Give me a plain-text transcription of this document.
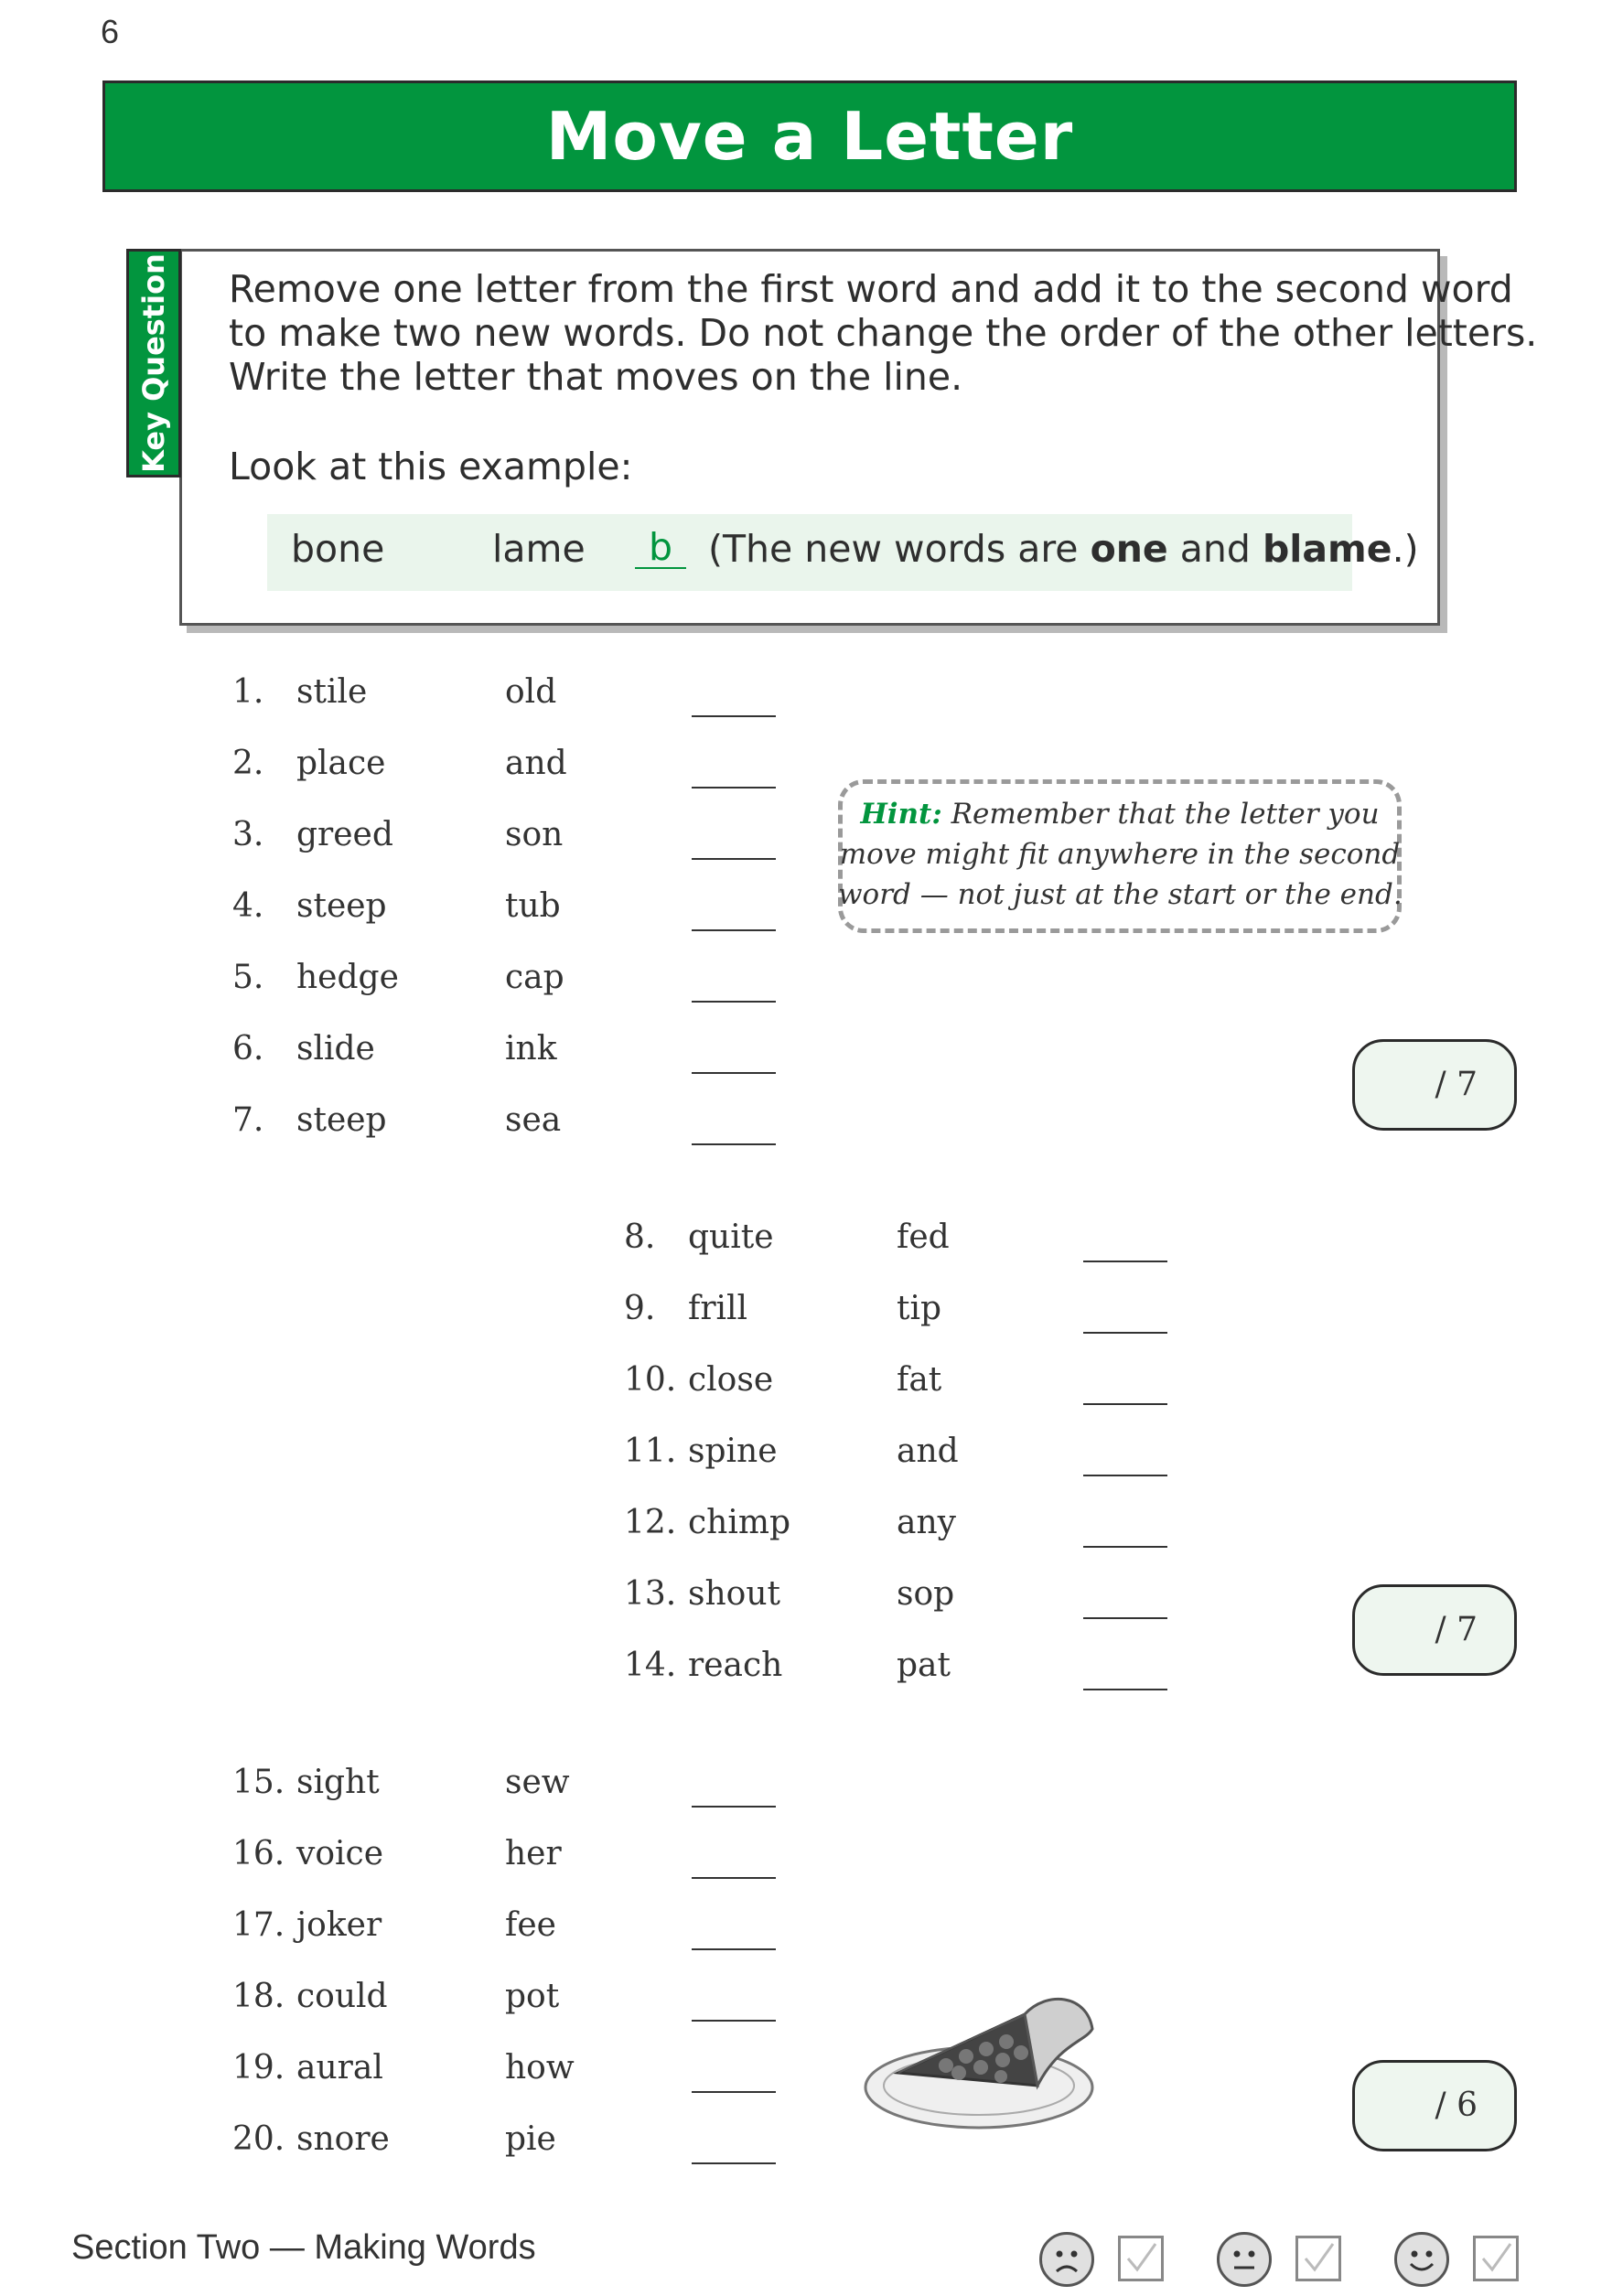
6
Move a Letter
Key Question Remove one letter from the first word and add it to the second word
to make two new words. Do not change the order of the other letters.
Write the letter that moves on the line.
Look at this example:
bone	lame	b (The new words are one and blame.)
Hint: Remember that the letter you
move might fit anywhere in the second
word — not just at the start or the end.
1. stile	old
2. place	and
3. greed	son
4. steep	tub
5. hedge	cap
6. slide	ink
7. steep	sea
/ 7
8. quite	fed
9. frill	tip
10. close	fat
11. spine	and
12. chimp	any
13. shout	sop
14. reach	pat
/ 7
15. sight	sew
16. voice	her
17. joker	fee
18. could	pot
19. aural	how
20. snore	pie
/ 6
Section Two — Making Words
